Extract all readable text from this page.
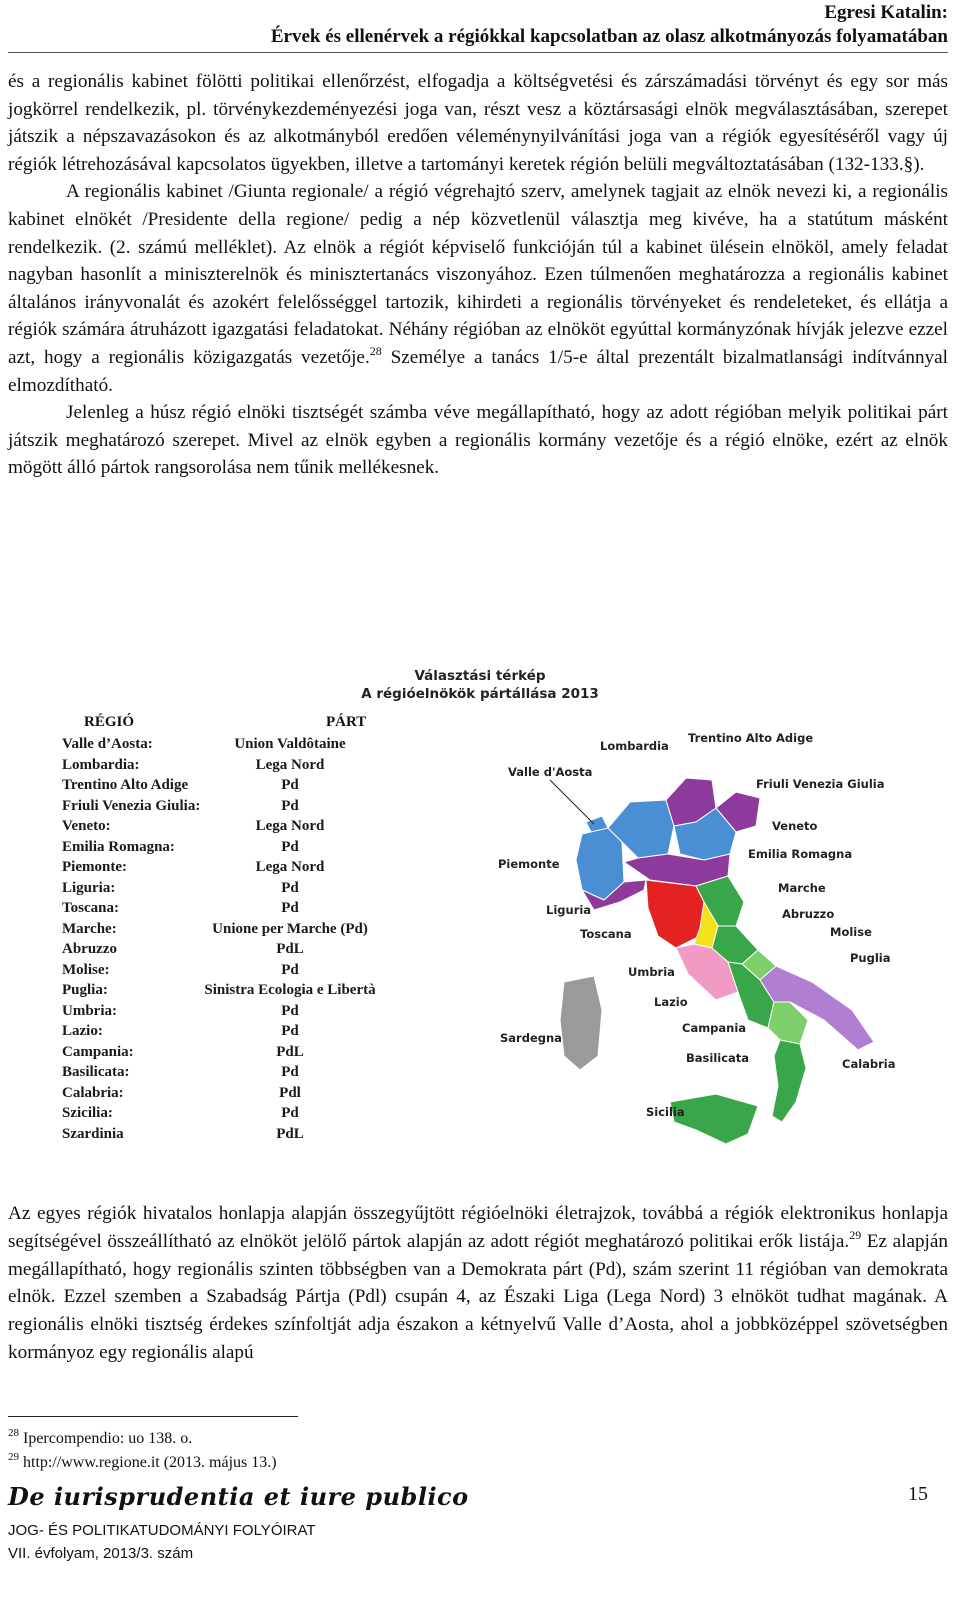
Egresi Katalin:
Érvek és ellenérvek a régiókkal kapcsolatban az olasz alkotmányozás folyamatában

és a regionális kabinet fölötti politikai ellenőrzést, elfogadja a költségvetési és zárszámadási törvényt és egy sor más jogkörrel rendelkezik, pl. törvénykezdeményezési joga van, részt vesz a köztársasági elnök megválasztásában, szerepet játszik a népszavazásokon és az alkotmányból eredően véleménynyilvánítási joga van a régiók egyesítéséről vagy új régiók létrehozásával kapcsolatos ügyekben, illetve a tartományi keretek régión belüli megváltoztatásában (132-133.§).

A regionális kabinet /Giunta regionale/ a régió végrehajtó szerv, amelynek tagjait az elnök nevezi ki, a regionális kabinet elnökét /Presidente della regione/ pedig a nép közvetlenül választja meg kivéve, ha a statútum másként rendelkezik. (2. számú melléklet). Az elnök a régiót képviselő funkcióján túl a kabinet ülésein elnököl, amely feladat nagyban hasonlít a miniszterelnök és minisztertanács viszonyához. Ezen túlmenően meghatározza a regionális kabinet általános irányvonalát és azokért felelősséggel tartozik, kihirdeti a regionális törvényeket és rendeleteket, és ellátja a régiók számára átruházott igazgatási feladatokat. Néhány régióban az elnököt egyúttal kormányzónak hívják jelezve ezzel azt, hogy a regionális közigazgatás vezetője.$^{28}$ Személye a tanács 1/5-e által prezentált bizalmatlansági indítvánnyal elmozdítható.

Jelenleg a húsz régió elnöki tisztségét számba véve megállapítható, hogy az adott régióban melyik politikai párt játszik meghatározó szerepet. Mivel az elnök egyben a regionális kormány vezetője és a régió elnöke, ezért az elnök mögött álló pártok rangsorolása nem tűnik mellékesnek.

Választási térkép
A régióelnökök pártállása 2013
RÉGIÓ	PÁRT
Valle d’Aosta:	Union Valdôtaine
Lombardia:	Lega Nord
Trentino Alto Adige	Pd
Friuli Venezia Giulia:	Pd
Veneto:	Lega Nord
Emilia Romagna:	Pd
Piemonte:	Lega Nord
Liguria:	Pd
Toscana:	Pd
Marche:	Unione per Marche (Pd)
Abruzzo	PdL
Molise:	Pd
Puglia:	Sinistra Ecologia e Libertà
Umbria:	Pd
Lazio:	Pd
Campania:	PdL
Basilicata:	Pd
Calabria:	Pdl
Szicilia:	Pd
Szardinia	PdL
Valle d'Aosta
Lombardia
Trentino Alto Adige
Friuli Venezia Giulia
Veneto
Emilia Romagna
Piemonte
Liguria
Toscana
Marche
Abruzzo
Molise
Puglia
Umbria
Lazio
Campania
Basilicata	Calabria
Sardegna
Sicilia

Az egyes régiók hivatalos honlapja alapján összegyűjtött régióelnöki életrajzok, továbbá a régiók elektronikus honlapja segítségével összeállítható az elnököt jelölő pártok alapján az adott régiót meghatározó politikai erők listája.$^{29}$ Ez alapján megállapítható, hogy regionális szinten többségben van a Demokrata párt (Pd), szám szerint 11 régióban van demokrata elnök. Ezzel szemben a Szabadság Pártja (Pdl) csupán 4, az Északi Liga (Lega Nord) 3 elnököt tudhat magának. A regionális elnöki tisztség érdekes színfoltját adja északon a kétnyelvű Valle d’Aosta, ahol a jobbközéppel szövetségben kormányoz egy regionális alapú

$^{28}$ Ipercompendio: uo 138. o.
$^{29}$ http://www.regione.it (2013. május 13.)
De iurisprudentia et iure publico
JOG- ÉS POLITIKATUDOMÁNYI FOLYÓIRAT
VII. évfolyam, 2013/3. szám
15
